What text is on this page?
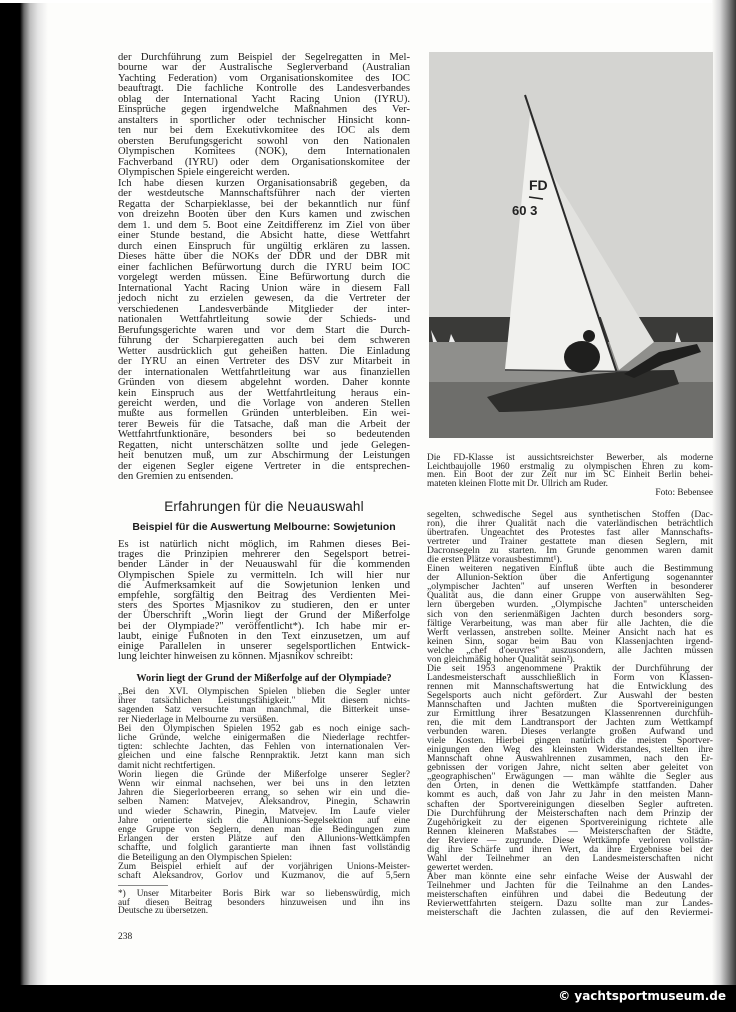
der Durchführung zum Beispiel der Segelregatten in Mel-
bourne war der Australische Seglerverband (Australian
Yachting Federation) vom Organisationskomitee des IOC
beauftragt. Die fachliche Kontrolle des Landesverbandes
oblag der International Yacht Racing Union (IYRU).
Einsprüche gegen irgendwelche Maßnahmen des Ver-
anstalters in sportlicher oder technischer Hinsicht konn-
ten nur bei dem Exekutivkomitee des IOC als dem
obersten Berufungsgericht sowohl von den Nationalen
Olympischen Komitees (NOK), dem Internationalen
Fachverband (IYRU) oder dem Organisationskomitee der
Olympischen Spiele eingereicht werden.
Ich habe diesen kurzen Organisationsabriß gegeben, da
der westdeutsche Mannschaftsführer nach der vierten
Regatta der Scharpieklasse, bei der bekanntlich nur fünf
von dreizehn Booten über den Kurs kamen und zwischen
dem 1. und dem 5. Boot eine Zeitdifferenz im Ziel von über
einer Stunde bestand, die Absicht hatte, diese Wettfahrt
durch einen Einspruch für ungültig erklären zu lassen.
Dieses hätte über die NOKs der DDR und der DBR mit
einer fachlichen Befürwortung durch die IYRU beim IOC
vorgelegt werden müssen. Eine Befürwortung durch die
International Yacht Racing Union wäre in diesem Fall
jedoch nicht zu erzielen gewesen, da die Vertreter der
verschiedenen Landesverbände Mitglieder der inter-
nationalen Wettfahrtleitung sowie der Schieds- und
Berufungsgerichte waren und vor dem Start die Durch-
führung der Scharpieregatten auch bei dem schweren
Wetter ausdrücklich gut geheißen hatten. Die Einladung
der IYRU an einen Vertreter des DSV zur Mitarbeit in
der internationalen Wettfahrtleitung war aus finanziellen
Gründen von diesem abgelehnt worden. Daher konnte
kein Einspruch aus der Wettfahrtleitung heraus ein-
gereicht werden, und die Vorlage von anderen Stellen
mußte aus formellen Gründen unterbleiben. Ein wei-
terer Beweis für die Tatsache, daß man die Arbeit der
Wettfahrtfunktionäre, besonders bei so bedeutenden
Regatten, nicht unterschätzen sollte und jede Gelegen-
heit benutzen muß, um zur Abschirmung der Leistungen
der eigenen Segler eigene Vertreter in die entsprechen-
den Gremien zu entsenden.
Erfahrungen für die Neuauswahl
Beispiel für die Auswertung Melbourne: Sowjetunion
Es ist natürlich nicht möglich, im Rahmen dieses Bei-
trages die Prinzipien mehrerer den Segelsport betrei-
bender Länder in der Neuauswahl für die kommenden
Olympischen Spiele zu vermitteln. Ich will hier nur
die Aufmerksamkeit auf die Sowjetunion lenken und
empfehle, sorgfältig den Beitrag des Verdienten Mei-
sters des Sportes Mjasnikov zu studieren, den er unter
der Überschrift „Worin liegt der Grund der Mißerfolge
bei der Olympiade?" veröffentlicht*). Ich habe mir er-
laubt, einige Fußnoten in den Text einzusetzen, um auf
einige Parallelen in unserer segelsportlichen Entwick-
lung leichter hinweisen zu können. Mjasnikov schreibt:
Worin liegt der Grund der Mißerfolge auf der Olympiade?
„Bei den XVI. Olympischen Spielen blieben die Segler unter
ihrer tatsächlichen Leistungsfähigkeit." Mit diesem nichts-
sagenden Satz versuchte man manchmal, die Bitterkeit unse-
rer Niederlage in Melbourne zu versüßen.
Bei den Olympischen Spielen 1952 gab es noch einige sach-
liche Gründe, welche einigermaßen die Niederlage rechtfer-
tigten: schlechte Jachten, das Fehlen von internationalen Ver-
gleichen und eine falsche Rennpraktik. Jetzt kann man sich
damit nicht rechtfertigen.
Worin liegen die Gründe der Mißerfolge unserer Segler?
Wenn wir einmal nachsehen, wer bei uns in den letzten
Jahren die Siegerlorbeeren errang, so sehen wir ein und die-
selben Namen: Matvejev, Aleksandrov, Pinegin, Schawrin
und wieder Schawrin, Pinegin, Matvejev. Im Laufe vieler
Jahre orientierte sich die Allunions-Segelsektion auf eine
enge Gruppe von Seglern, denen man die Bedingungen zum
Erlangen der ersten Plätze auf den Allunions-Wettkämpfen
schaffte, und folglich garantierte man ihnen fast vollständig
die Beteiligung an den Olympischen Spielen:
Zum Beispiel erhielt auf der vorjährigen Unions-Meister-
schaft Aleksandrov, Gorlov und Kuzmanov, die auf 5,5ern
*) Unser Mitarbeiter Boris Birk war so liebenswürdig, mich
auf diesen Beitrag besonders hinzuweisen und ihn ins
Deutsche zu übersetzen.
238
FD
60 3
Die FD-Klasse ist aussichtsreichster Bewerber, als moderne
Leichtbaujolle 1960 erstmalig zu olympischen Ehren zu kom-
men. Ein Boot der zur Zeit nur im SC Einheit Berlin behei-
mateten kleinen Flotte mit Dr. Ullrich am Ruder.
Foto: Bebensee
segelten, schwedische Segel aus synthetischen Stoffen (Dac-
ron), die ihrer Qualität nach die vaterländischen beträchtlich
übertrafen. Ungeachtet des Protestes fast aller Mannschafts-
vertreter und Trainer gestattete man diesen Seglern, mit
Dacronsegeln zu starten. Im Grunde genommen waren damit
die ersten Plätze vorausbestimmt¹).
Einen weiteren negativen Einfluß übte auch die Bestimmung
der Allunion-Sektion über die Anfertigung sogenannter
„olympischer Jachten" auf unseren Werften in besonderer
Qualität aus, die dann einer Gruppe von auserwählten Seg-
lern übergeben wurden. „Olympische Jachten" unterscheiden
sich von den serienmäßigen Jachten durch besonders sorg-
fältige Verarbeitung, was man aber für alle Jachten, die die
Werft verlassen, anstreben sollte. Meiner Ansicht nach hat es
keinen Sinn, sogar beim Bau von Klassenjachten irgend-
welche „chef d'oeuvres" auszusondern, alle Jachten müssen
von gleichmäßig hoher Qualität sein²).
Die seit 1953 angenommene Praktik der Durchführung der
Landesmeisterschaft ausschließlich in Form von Klassen-
rennen mit Mannschaftswertung hat die Entwicklung des
Segelsports auch nicht gefördert. Zur Auswahl der besten
Mannschaften und Jachten mußten die Sportvereinigungen
zur Ermittlung ihrer Besatzungen Klassenrennen durchfüh-
ren, die mit dem Landtransport der Jachten zum Wettkampf
verbunden waren. Dieses verlangte großen Aufwand und
viele Kosten. Hierbei gingen natürlich die meisten Sportver-
einigungen den Weg des kleinsten Widerstandes, stellten ihre
Mannschaft ohne Auswahlrennen zusammen, nach den Er-
gebnissen der vorigen Jahre, nicht selten aber geleitet von
„geographischen" Erwägungen — man wählte die Segler aus
den Orten, in denen die Wettkämpfe stattfanden. Daher
kommt es auch, daß von Jahr zu Jahr in den meisten Mann-
schaften der Sportvereinigungen dieselben Segler auftreten.
Die Durchführung der Meisterschaften nach dem Prinzip der
Zugehörigkeit zu der eigenen Sportvereinigung richtete alle
Rennen kleineren Maßstabes — Meisterschaften der Städte,
der Reviere — zugrunde. Diese Wettkämpfe verloren vollstän-
dig ihre Schärfe und ihren Wert, da ihre Ergebnisse bei der
Wahl der Teilnehmer an den Landesmeisterschaften nicht
gewertet werden.
Aber man könnte eine sehr einfache Weise der Auswahl der
Teilnehmer und Jachten für die Teilnahme an den Landes-
meisterschaften einführen und dabei die Bedeutung der
Revierwettfahrten steigern. Dazu sollte man zur Landes-
meisterschaft die Jachten zulassen, die auf den Reviermei-
© yachtsportmuseum.de
